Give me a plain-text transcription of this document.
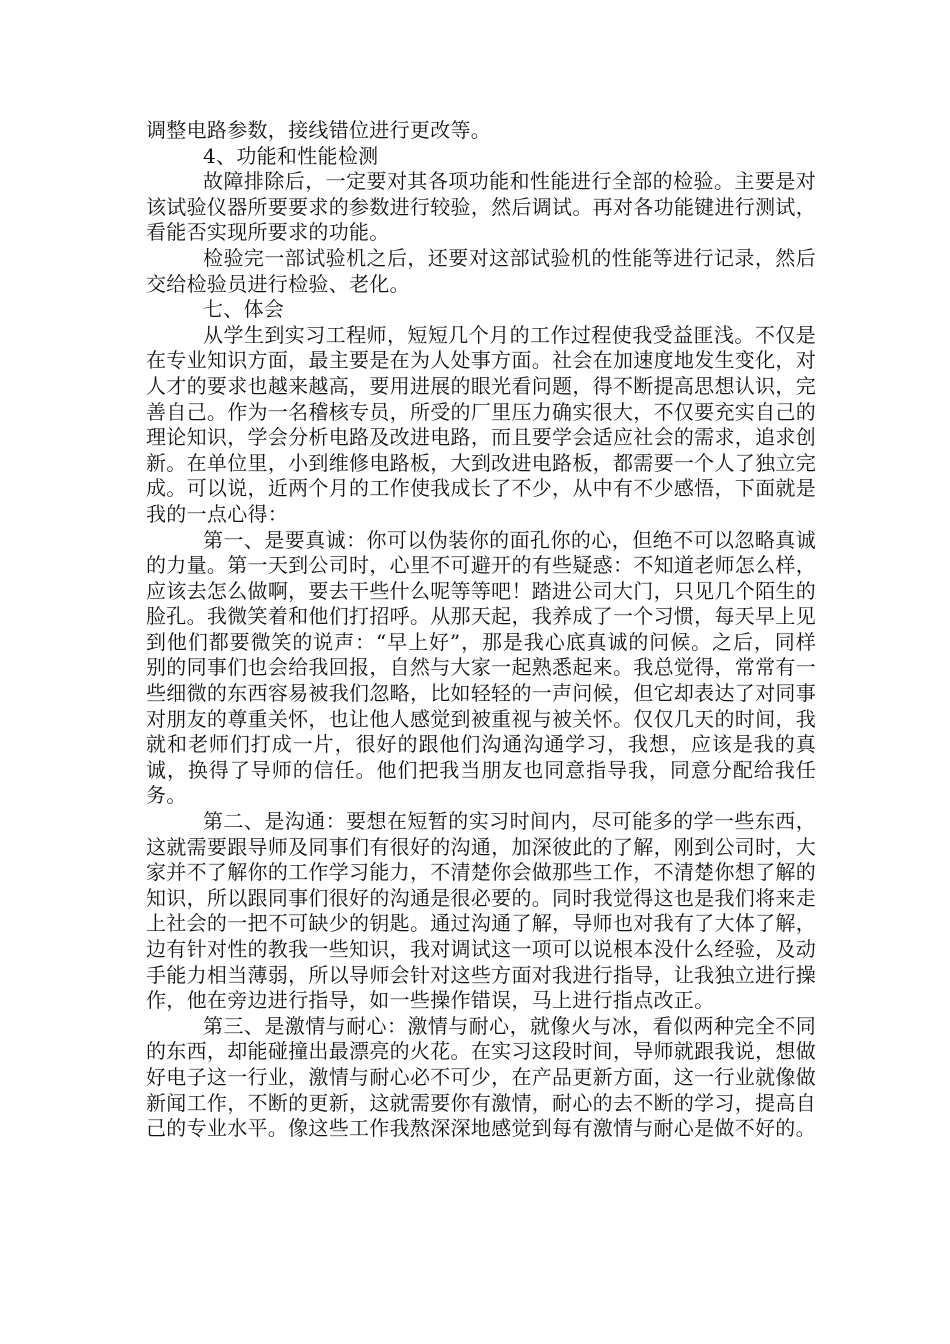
调整电路参数，接线错位进行更改等。

4、功能和性能检测

故障排除后，一定要对其各项功能和性能进行全部的检验。主要是对该试验仪器所要要求的参数进行较验，然后调试。再对各功能键进行测试，看能否实现所要求的功能。

检验完一部试验机之后，还要对这部试验机的性能等进行记录，然后交给检验员进行检验、老化。

七、体会

从学生到实习工程师，短短几个月的工作过程使我受益匪浅。不仅是在专业知识方面，最主要是在为人处事方面。社会在加速度地发生变化，对人才的要求也越来越高，要用进展的眼光看问题，得不断提高思想认识，完善自己。作为一名稽核专员，所受的厂里压力确实很大，不仅要充实自己的理论知识，学会分析电路及改进电路，而且要学会适应社会的需求，追求创新。在单位里，小到维修电路板，大到改进电路板，都需要一个人了独立完成。可以说，近两个月的工作使我成长了不少，从中有不少感悟，下面就是我的一点心得：

第一、是要真诚：你可以伪装你的面孔你的心，但绝不可以忽略真诚的力量。第一天到公司时，心里不可避开的有些疑惑：不知道老师怎么样，应该去怎么做啊，要去干些什么呢等等吧！踏进公司大门，只见几个陌生的脸孔。我微笑着和他们打招呼。从那天起，我养成了一个习惯，每天早上见到他们都要微笑的说声：“早上好”，那是我心底真诚的问候。之后，同样别的同事们也会给我回报，自然与大家一起熟悉起来。我总觉得，常常有一些细微的东西容易被我们忽略，比如轻轻的一声问候，但它却表达了对同事对朋友的尊重关怀，也让他人感觉到被重视与被关怀。仅仅几天的时间，我就和老师们打成一片，很好的跟他们沟通沟通学习，我想，应该是我的真诚，换得了导师的信任。他们把我当朋友也同意指导我，同意分配给我任务。

第二、是沟通：要想在短暂的实习时间内，尽可能多的学一些东西，这就需要跟导师及同事们有很好的沟通，加深彼此的了解，刚到公司时，大家并不了解你的工作学习能力，不清楚你会做那些工作，不清楚你想了解的知识，所以跟同事们很好的沟通是很必要的。同时我觉得这也是我们将来走上社会的一把不可缺少的钥匙。通过沟通了解，导师也对我有了大体了解，边有针对性的教我一些知识，我对调试这一项可以说根本没什么经验，及动手能力相当薄弱，所以导师会针对这些方面对我进行指导，让我独立进行操作，他在旁边进行指导，如一些操作错误，马上进行指点改正。

第三、是激情与耐心：激情与耐心，就像火与冰，看似两种完全不同的东西，却能碰撞出最漂亮的火花。在实习这段时间，导师就跟我说，想做好电子这一行业，激情与耐心必不可少，在产品更新方面，这一行业就像做新闻工作，不断的更新，这就需要你有激情，耐心的去不断的学习，提高自己的专业水平。像这些工作我熬深深地感觉到每有激情与耐心是做不好的。
